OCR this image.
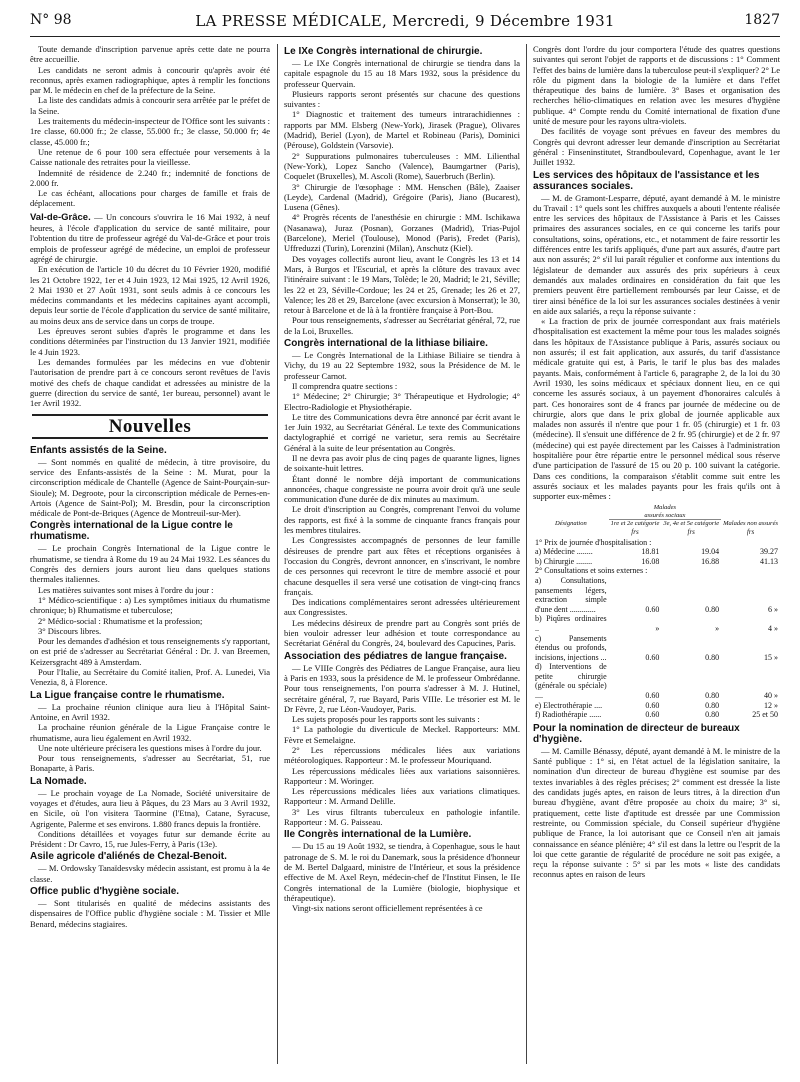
N° 98	LA PRESSE MÉDICALE, Mercredi, 9 Décembre 1931	1827

Toute demande d'inscription parvenue après cette date ne pourra être accueillie.

Les candidats ne seront admis à concourir qu'après avoir été reconnus, après examen radiographique, aptes à remplir les fonctions par M. le médecin en chef de la préfecture de la Seine.

La liste des candidats admis à concourir sera arrêtée par le préfet de la Seine.

Les traitements du médecin-inspecteur de l'Office sont les suivants : 1re classe, 60.000 fr.; 2e classe, 55.000 fr.; 3e classe, 50.000 fr; 4e classe, 45.000 fr.;

Une retenue de 6 pour 100 sera effectuée pour versements à la Caisse nationale des retraites pour la vieillesse.

Indemnité de résidence de 2.240 fr.; indemnité de fonctions de 2.000 fr.

Le cas échéant, allocations pour charges de famille et frais de déplacement.

Val-de-Grâce. — Un concours s'ouvrira le 16 Mai 1932, à neuf heures, à l'école d'application du service de santé militaire, pour l'obtention du titre de professeur agrégé du Val-de-Grâce et pour trois emplois de professeur agrégé de médecine, un emploi de professeur agrégé de chirurgie.

En exécution de l'article 10 du décret du 10 Février 1920, modifié les 21 Octobre 1922, 1er et 4 Juin 1923, 12 Mai 1925, 12 Avril 1926, 2 Mai 1930 et 27 Août 1931, sont seuls admis à ce concours les médecins commandants et les médecins capitaines ayant accompli, depuis leur sortie de l'école d'application du service de santé militaire, au moins deux ans de service dans un corps de troupe.

Les épreuves seront subies d'après le programme et dans les conditions déterminées par l'instruction du 13 Janvier 1921, modifiée le 4 Juin 1923.

Les demandes formulées par les médecins en vue d'obtenir l'autorisation de prendre part à ce concours seront revêtues de l'avis motivé des chefs de chaque candidat et adressées au ministre de la guerre (direction du service de santé, 1er bureau, personnel) avant le 1er Avril 1932.

Nouvelles
Enfants assistés de la Seine.

— Sont nommés en qualité de médecin, à titre provisoire, du service des Enfants-assistés de la Seine : M. Murat, pour la circonscription médicale de Chantelle (Agence de Saint-Pourçain-sur-Sioule); M. Degroote, pour la circonscription médicale de Pernes-en-Artois (Agence de Saint-Pol); M. Bresdin, pour la circonscription médicale de Pont-de-Briques (Agence de Montreuil-sur-Mer).

Congrès international de la Ligue contre le rhumatisme.

— Le prochain Congrès International de la Ligue contre le rhumatisme, se tiendra à Rome du 19 au 24 Mai 1932. Les séances du Congrès des derniers jours auront lieu dans quelques stations thermales italiennes.

Les matières suivantes sont mises à l'ordre du jour :

1° Médico-scientifique : a) Les symptômes initiaux du rhumatisme chronique; b) Rhumatisme et tuberculose;

2° Médico-social : Rhumatisme et la profession;

3° Discours libres.

Pour les demandes d'adhésion et tous renseignements s'y rapportant, on est prié de s'adresser au Secrétariat Général : Dr. J. van Breemen, Keizersgracht 489 à Amsterdam.

Pour l'Italie, au Secrétaire du Comité italien, Prof. A. Lunedei, Via Venezia, 8, à Florence.

La Ligue française contre le rhumatisme.

— La prochaine réunion clinique aura lieu à l'Hôpital Saint-Antoine, en Avril 1932.

La prochaine réunion générale de la Ligue Française contre le rhumatisme, aura lieu également en Avril 1932.

Une note ultérieure précisera les questions mises à l'ordre du jour.

Pour tous renseignements, s'adresser au Secrétariat, 51, rue Bonaparte, à Paris.

La Nomade.

— Le prochain voyage de La Nomade, Société universitaire de voyages et d'études, aura lieu à Pâques, du 23 Mars au 3 Avril 1932, en Sicile, où l'on visitera Taormine (l'Etna), Catane, Syracuse, Agrigente, Palerme et ses environs. 1.880 francs depuis la frontière.

Conditions détaillées et voyages futur sur demande écrite au Président : Dr Cavro, 15, rue Jules-Ferry, à Paris (13e).

Asile agricole d'aliénés de Chezal-Benoit.

— M. Ordowsky Tanaïdesvsky médecin assistant, est promu à la 4e classe.

Office public d'hygiène sociale.

— Sont titularisés en qualité de médecins assistants des dispensaires de l'Office public d'hygiène sociale : M. Tissier et Mlle Benard, médecins stagiaires.

Le IXe Congrès international de chirurgie.

— Le IXe Congrès international de chirurgie se tiendra dans la capitale espagnole du 15 au 18 Mars 1932, sous la présidence du professeur Quervain.

Plusieurs rapports seront présentés sur chacune des questions suivantes :

1° Diagnostic et traitement des tumeurs intrarachidiennes : rapports par MM. Elsberg (New-York), Jirasek (Prague), Olivares (Madrid), Beriel (Lyon), de Martel et Robineau (Paris), Dominici (Pérouse), Goldstein (Varsovie).

2° Suppurations pulmonaires tuberculeuses : MM. Lilienthal (New-York), Lopez Sancho (Valence), Baumgartner (Paris), Coquelet (Bruxelles), M. Ascoli (Rome), Sauerbruch (Berlin).

3° Chirurgie de l'œsophage : MM. Henschen (Bâle), Zaaiser (Leyde), Cardenal (Madrid), Grégoire (Paris), Jiano (Bucarest), Lusena (Gênes).

4° Progrès récents de l'anesthésie en chirurgie : MM. Ischikawa (Nasanawa), Juraz (Posnan), Gorzanes (Madrid), Trias-Pujol (Barcelone), Meriel (Toulouse), Monod (Paris), Fredet (Paris), Uffreduzzi (Turin), Lorenzini (Milan), Anschutz (Kiel).

Des voyages collectifs auront lieu, avant le Congrès les 13 et 14 Mars, à Burgos et l'Escurial, et après la clôture des travaux avec l'itinéraire suivant : le 19 Mars, Tolède; le 20, Madrid; le 21, Séville; les 22 et 23, Séville-Cordoue; les 24 et 25, Grenade; les 26 et 27, Valence; les 28 et 29, Barcelone (avec excursion à Monserrat); le 30, retour à Barcelone et de là à la frontière française à Port-Bou.

Pour tous renseignements, s'adresser au Secrétariat général, 72, rue de la Loi, Bruxelles.

Congrès international de la lithiase biliaire.

— Le Congrès International de la Lithiase Biliaire se tiendra à Vichy, du 19 au 22 Septembre 1932, sous la Présidence de M. le professeur Carnot.

Il comprendra quatre sections :

1° Médecine; 2° Chirurgie; 3° Thérapeutique et Hydrologie; 4° Electro-Radiologie et Physiothérapie.

Le titre des Communications devra être annoncé par écrit avant le 1er Juin 1932, au Secrétariat Général. Le texte des Communications dactylographié et corrigé ne varietur, sera remis au Secrétaire Général à la suite de leur présentation au Congrès.

Il ne devra pas avoir plus de cinq pages de quarante lignes, lignes de soixante-huit lettres.

Étant donné le nombre déjà important de communications annoncées, chaque congressiste ne pourra avoir droit qu'à une seule communication d'une durée de dix minutes au maximum.

Le droit d'inscription au Congrès, comprenant l'envoi du volume des rapports, est fixé à la somme de cinquante francs français pour les membres titulaires.

Les Congressistes accompagnés de personnes de leur famille désireuses de prendre part aux fêtes et réceptions organisées à l'occasion du Congrès, devront annoncer, en s'inscrivant, le nombre de ces personnes qui recevront le titre de membre associé et pour chacune desquelles il sera versé une cotisation de vingt-cinq francs français.

Des indications complémentaires seront adressées ultérieurement aux Congressistes.

Les médecins désireux de prendre part au Congrès sont priés de bien vouloir adresser leur adhésion et toute correspondance au Secrétariat Général du Congrès, 24, boulevard des Capucines, Paris.

Association des pédiatres de langue française.

— Le VIIIe Congrès des Pédiatres de Langue Française, aura lieu à Paris en 1933, sous la présidence de M. le professeur Ombrédanne. Pour tous renseignements, l'on pourra s'adresser à M. J. Hutinel, secrétaire général, 7, rue Bayard, Paris VIIIe. Le trésorier est M. le Dr Fèvre, 2, rue Léon-Vaudoyer, Paris.

Les sujets proposés pour les rapports sont les suivants :

1° La pathologie du diverticule de Meckel. Rapporteurs: MM. Fèvre et Semelaigne.

2° Les répercussions médicales liées aux variations météorologiques. Rapporteur : M. le professeur Mouriquand.

Les répercussions médicales liées aux variations saisonnières. Rapporteur : M. Woringer.

Les répercussions médicales liées aux variations climatiques. Rapporteur : M. Armand Delille.

3° Les virus filtrants tuberculeux en pathologie infantile. Rapporteur : M. G. Paisseau.

IIe Congrès international de la Lumière.

— Du 15 au 19 Août 1932, se tiendra, à Copenhague, sous le haut patronage de S. M. le roi du Danemark, sous la présidence d'honneur de M. Bertel Dalgaard, ministre de l'Intérieur, et sous la présidence effective de M. Axel Reyn, médecin-chef de l'Institut Finsen, le IIe Congrès international de la Lumière (biologie, biophysique et thérapeutique).

Vingt-six nations seront officiellement représentées à ce

Congrès dont l'ordre du jour comportera l'étude des quatres questions suivantes qui seront l'objet de rapports et de discussions : 1° Comment l'effet des bains de lumière dans la tuberculose peut-il s'expliquer? 2° Le rôle du pigment dans la biologie de la lumière et dans l'effet thérapeutique des bains de lumière. 3° Bases et organisation des recherches hélio-climatiques en relation avec les mesures d'hygiène publique. 4° Compte rendu du Comité international de fixation d'une unité de mesure pour les rayons ultra-violets.

Des facilités de voyage sont prévues en faveur des membres du Congrès qui devront adresser leur demande d'inscription au Secrétariat général : Finseninstitutet, Strandboulevard, Copenhague, avant le 1er Juillet 1932.

Les services des hôpitaux de l'assistance et les assurances sociales.

— M. de Gramont-Lesparre, député, ayant demandé à M. le ministre du Travail : 1° quels sont les chiffres auxquels a abouti l'entente réalisée entre les services des hôpitaux de l'Assistance à Paris et les Caisses primaires des assurances sociales, en ce qui concerne les tarifs pour consultations, soins, opérations, etc., et notamment de faire ressortir les différences entre les tarifs appliqués, d'une part aux assurés, d'autre part aux non assurés; 2° s'il lui paraît régulier et conforme aux intentions du législateur de demander aux assurés des prix supérieurs à ceux demandés aux malades ordinaires en considération du fait que les premiers peuvent être partiellement remboursés par leur Caisse, et de tirer ainsi bénéfice de la loi sur les assurances sociales destinées à venir en aide aux salariés, a reçu la réponse suivante :

« La fraction de prix de journée correspondant aux frais matériels d'hospitalisation est exactement la même pour tous les malades soignés dans les hôpitaux de l'Assistance publique à Paris, assurés sociaux ou non assurés; il est fait application, aux assurés, du tarif d'assistance médicale gratuite qui est, à Paris, le tarif le plus bas des malades payants. Mais, conformément à l'article 6, paragraphe 2, de la loi du 30 Avril 1930, les soins médicaux et spéciaux donnent lieu, en ce qui concerne les assurés sociaux, à un payement d'honoraires calculés à part. Ces honoraires sont de 4 francs par journée de médecine ou de chirurgie, alors que dans le prix global de journée applicable aux malades non assurés il n'entre que pour 1 fr. 05 (chirurgie) et 1 fr. 03 (médecine). Il s'ensuit une différence de 2 fr. 95 (chirurgie) et de 2 fr. 97 (médecine) qui est payée directement par les Caisses à l'administration hospitalière pour être répartie entre le personnel médical sous réserve d'une participation de l'assuré de 15 ou 20 p. 100 suivant la catégorie. Dans ces conditions, la comparaison s'établit comme suit entre les assurés sociaux et les malades payants pour les frais qu'ils ont à supporter eux-mêmes :

	Malades
assurés sociaux		
Désignation	1re et 2e catégorie	3e, 4e et 5e catégorie	Malades non assurés
	frs	frs	frs
1° Prix de journée d'hospitalisation :			
a) Médecine ........	18.81	19.04	39.27
b) Chirurgie ........	16.08	16.88	41.13
2° Consultations et soins externes :			
a) Consultations, pansements légers, extraction simple d'une dent .............	0.60	0.80	6 »
b) Piqûres ordinaires ..	»	»	4 »
c) Pansements étendus ou profonds, incisions, injections ...	0.60	0.80	15 »
d) Interventions de petite chirurgie (générale ou spéciale) ....	0.60	0.80	40 »
e) Electrothérapie ....	0.60	0.80	12 »
f) Radiothérapie ......	0.60	0.80	25 et 50
Pour la nomination de directeur de bureaux d'hygiène.

— M. Camille Bénassy, député, ayant demandé à M. le ministre de la Santé publique : 1° si, en l'état actuel de la législation sanitaire, la nomination d'un directeur de bureau d'hygiène est soumise par des textes invariables à des règles précises; 2° comment est dressée la liste des candidats jugés aptes, en raison de leurs titres, à la direction d'un bureau d'hygiène, avant d'être proposée au choix du maire; 3° si, pratiquement, cette liste d'aptitude est dressée par une Commission restreinte, ou Commission spéciale, du Conseil supérieur d'hygiène publique de France, la loi autorisant que ce Conseil n'en ait jamais connaissance en séance plénière; 4° s'il est dans la lettre ou l'esprit de la loi que cette garantie de régularité de procédure ne soit pas exigée, a reçu la réponse suivante : 5° si par les mots « liste des candidats reconnus aptes en raison de leurs
